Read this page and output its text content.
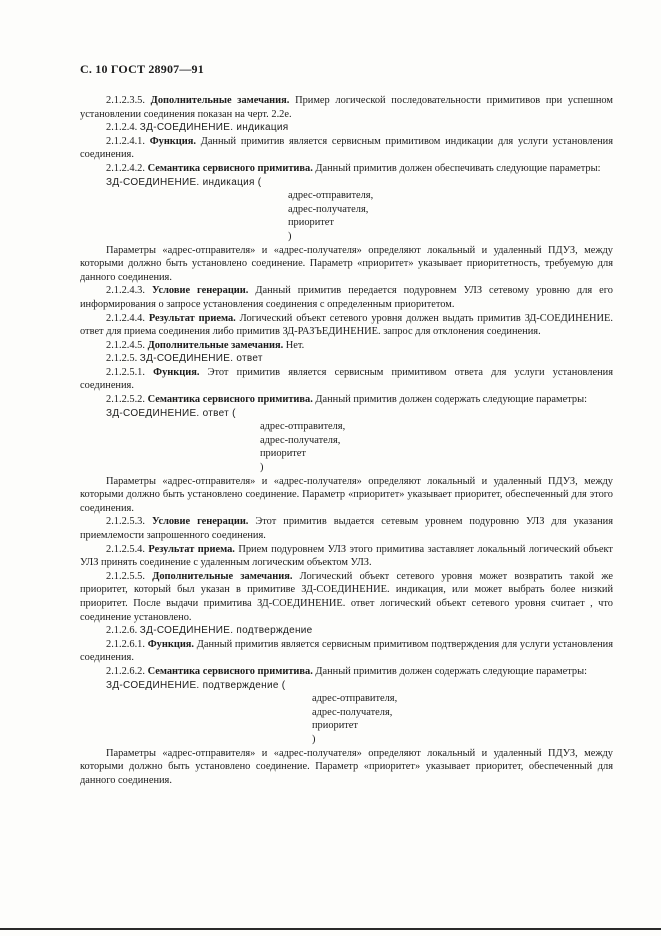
С. 10 ГОСТ 28907—91

2.1.2.3.5. Дополнительные замечания. Пример логической последовательности примитивов при успешном установлении соединения показан на черт. 2.2е.

2.1.2.4. ЗД-СОЕДИНЕНИЕ. индикация

2.1.2.4.1. Функция. Данный примитив является сервисным примитивом индикации для услуги установления соединения.

2.1.2.4.2. Семантика сервисного примитива. Данный примитив должен обеспечивать следующие параметры:

ЗД-СОЕДИНЕНИЕ. индикация (
адрес-отправителя,
адрес-получателя,
приоритет
)

Параметры «адрес-отправителя» и «адрес-получателя» определяют локальный и удаленный ПДУЗ, между которыми должно быть установлено соединение. Параметр «приоритет» указывает приоритетность, требуемую для данного соединения.

2.1.2.4.3. Условие генерации. Данный примитив передается подуровнем УЛЗ сетевому уровню для его информирования о запросе установления соединения с определенным приоритетом.

2.1.2.4.4. Результат приема. Логический объект сетевого уровня должен выдать примитив ЗД-СОЕДИНЕНИЕ. ответ для приема соединения либо примитив ЗД-РАЗЪЕДИНЕНИЕ. запрос для отклонения соединения.

2.1.2.4.5. Дополнительные замечания. Нет.

2.1.2.5. ЗД-СОЕДИНЕНИЕ. ответ

2.1.2.5.1. Функция. Этот примитив является сервисным примитивом ответа для услуги установления соединения.

2.1.2.5.2. Семантика сервисного примитива. Данный примитив должен содержать следующие параметры:

ЗД-СОЕДИНЕНИЕ. ответ (
адрес-отправителя,
адрес-получателя,
приоритет
)

Параметры «адрес-отправителя» и «адрес-получателя» определяют локальный и удаленный ПДУЗ, между которыми должно быть установлено соединение. Параметр «приоритет» указывает приоритет, обеспеченный для этого соединения.

2.1.2.5.3. Условие генерации. Этот примитив выдается сетевым уровнем подуровню УЛЗ для указания приемлемости запрошенного соединения.

2.1.2.5.4. Результат приема. Прием подуровнем УЛЗ этого примитива заставляет локальный логический объект УЛЗ принять соединение с удаленным логическим объектом УЛЗ.

2.1.2.5.5. Дополнительные замечания. Логический объект сетевого уровня может возвратить такой же приоритет, который был указан в примитиве ЗД-СОЕДИНЕНИЕ. индикация, или может выбрать более низкий приоритет. После выдачи примитива ЗД-СОЕДИНЕНИЕ. ответ логический объект сетевого уровня считает , что соединение установлено.

2.1.2.6. ЗД-СОЕДИНЕНИЕ. подтверждение

2.1.2.6.1. Функция. Данный примитив является сервисным примитивом подтверждения для услуги установления соединения.

2.1.2.6.2. Семантика сервисного примитива. Данный примитив должен содержать следующие параметры:

ЗД-СОЕДИНЕНИЕ. подтверждение (
адрес-отправителя,
адрес-получателя,
приоритет
)

Параметры «адрес-отправителя» и «адрес-получателя» определяют локальный и удаленный ПДУЗ, между которыми должно быть установлено соединение. Параметр «приоритет» указывает приоритет, обеспеченный для данного соединения.
